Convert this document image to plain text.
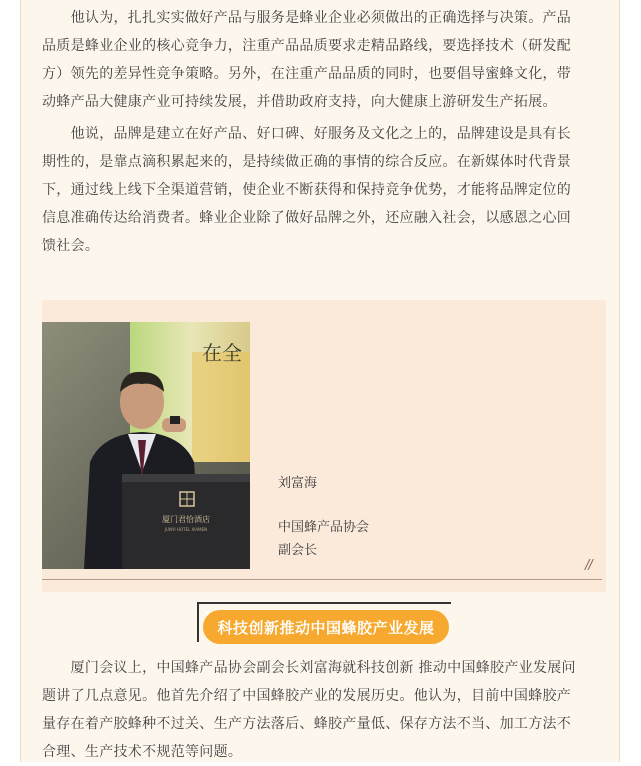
　　他认为，扎扎实实做好产品与服务是蜂业企业必须做出的正确选择与决策。产品
品质是蜂业企业的核心竞争力，注重产品品质要求走精品路线，要选择技术（研发配
方）领先的差异性竞争策略。另外，在注重产品品质的同时，也要倡导蜜蜂文化，带
动蜂产品大健康产业可持续发展，并借助政府支持，向大健康上游研发生产拓展。
　　他说，品牌是建立在好产品、好口碑、好服务及文化之上的，品牌建设是具有长
期性的，是靠点滴积累起来的，是持续做正确的事情的综合反应。在新媒体时代背景
下，通过线上线下全渠道营销，使企业不断获得和保持竞争优势，才能将品牌定位的
信息准确传达给消费者。蜂业企业除了做好品牌之外，还应融入社会，以感恩之心回
馈社会。
在全
厦门君恰酒店
JUNYI HOTEL XIAMEN
刘富海
中国蜂产品协会
副会长
//
科技创新推动中国蜂胶产业发展
　　厦门会议上，中国蜂产品协会副会长刘富海就科技创新 推动中国蜂胶产业发展问
题讲了几点意见。他首先介绍了中国蜂胶产业的发展历史。他认为，目前中国蜂胶产
量存在着产胶蜂种不过关、生产方法落后、蜂胶产量低、保存方法不当、加工方法不
合理、生产技术不规范等问题。
